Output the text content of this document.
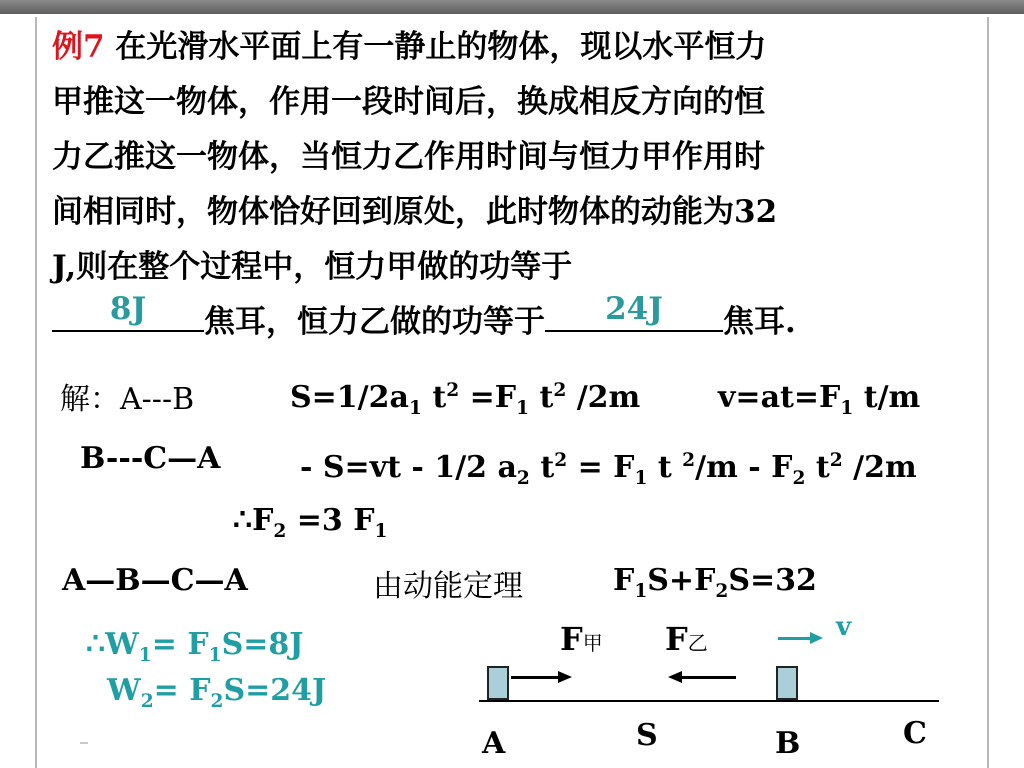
例7 在光滑水平面上有一静止的物体，现以水平恒力
甲推这一物体，作用一段时间后，换成相反方向的恒
力乙推这一物体，当恒力乙作用时间与恒力甲作用时
间相同时，物体恰好回到原处，此时物体的动能为32
J,则在整个过程中，恒力甲做的功等于
8J	焦耳，恒力乙做的功等于	24J	焦耳.
解：A---B	$S=1/2a_1$ $t^2 =F_1$ $t^2$ /2m	$v=at=F_1$ t/m
B---C—A	- S=vt - 1/2 $a_2$ $t^2 = F_1$ t $^2/m - F_2$ $t^2$ /2m
$\therefore F_2 =3$ $F_1$
A—B—C—A	由动能定理	$F_1S+F_2S=32$
$\therefore W_1= F_1S=8J$
$W_2= F_2S=24J$
F甲 F乙
v
A	S	B	C
